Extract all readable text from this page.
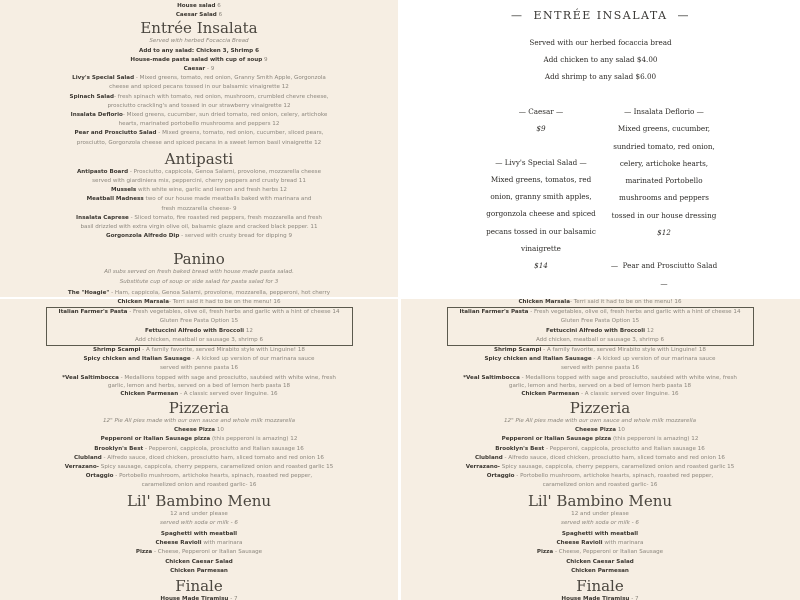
House salad 6
Caesar Salad 6
Entrée Insalata
Served with herbed Focaccia Bread
Add to any salad: Chicken 3, Shrimp 6
House-made pasta salad with cup of soup 9
Caesar - 9
Livy's Special Salad - Mixed greens, tomato, red onion, Granny Smith Apple, Gorgonzola
cheese and spiced pecans tossed in our balsamic vinaigrette 12
Spinach Salad- fresh spinach with tomato, red onion, mushroom, crumbled chevre cheese,
prosciutto crackling's and tossed in our strawberry vinaigrette 12
Insalata Deflorio- Mixed greens, cucumber, sun dried tomato, red onion, celery, artichoke
hearts, marinated portobello mushrooms and peppers 12
Pear and Prosciutto Salad - Mixed greens, tomato, red onion, cucumber, sliced pears,
prosciutto, Gorgonzola cheese and spiced pecans in a sweet lemon basil vinaigrette 12
Antipasti
Antipasto Board - Prosciutto, cappicola, Genoa Salami, provolone, mozzarella cheese
served with giardiniera mix, peppercini, cherry peppers and crusty bread 11
Mussels with white wine, garlic and lemon and fresh herbs 12
Meatball Madness two of our house made meatballs baked with marinara and
fresh mozzarella cheese- 9
Insalata Caprese - Sliced tomato, fire roasted red peppers, fresh mozzarella and fresh
basil drizzled with extra virgin olive oil, balsamic glaze and cracked black pepper. 11
Gorgonzola Alfredo Dip - served with crusty bread for dipping 9
Panino
All subs served on fresh baked bread with house made pasta salad.
Substitute cup of soup or side salad for pasta salad for 3
The "Hoagie" - Ham, cappicola, Genoa Salami, provolone, mozzarella, pepperoni, hot cherry
Chicken Marsala- Terri said it had to be on the menu! 16
Italian Farmer's Pasta - Fresh vegetables, olive oil, fresh herbs and garlic with a hint of cheese 14
Gluten Free Pasta Option 15
Fettuccini Alfredo with Broccoli 12
Add chicken, meatball or sausage 3, shrimp 6
Shrimp Scampi - A family favorite, served Mirabito style with Linguine! 18
Spicy chicken and Italian Sausage - A kicked up version of our marinara sauce
served with penne pasta 16
*Veal Saltimbocca - Medallions topped with sage and prosciutto, sautéed with white wine, fresh
garlic, lemon and herbs, served on a bed of lemon herb pasta 18
Chicken Parmesan - A classic served over linguine. 16
Pizzeria
12" Pie All pies made with our own sauce and whole milk mozzarella
Cheese Pizza 10
Pepperoni or Italian Sausage pizza (this pepperoni is amazing) 12
Brooklyn's Best - Pepperoni, cappicola, prosciutto and Italian sausage 16
Clubland - Alfredo sauce, diced chicken, prosciutto ham, sliced tomato and red onion 16
Verrazano- Spicy sausage, cappicola, cherry peppers, caramelized onion and roasted garlic 15
Ortaggio - Portobello mushroom, artichoke hearts, spinach, roasted red pepper,
caramelized onion and roasted garlic- 16
Lil' Bambino Menu
12 and under please
served with soda or milk - 6
Spaghetti with meatball
Cheese Ravioli with marinara
Pizza - Cheese, Pepperoni or Italian Sausage
Chicken Caesar Salad
Chicken Parmesan
Finale
House Made Tiramisu - 7
— ENTRÉE INSALATA —
Served with our herbed focaccia bread
Add chicken to any salad $4.00
Add shrimp to any salad $6.00
— Caesar —
$9
— Livy's Special Salad —
Mixed greens, tomatos, red
onion, granny smith apples,
gorgonzola cheese and spiced
pecans tossed in our balsamic
vinaigrette
$14
— Insalata Deflorio —
Mixed greens, cucumber,
sundried tomato, red onion,
celery, artichoke hearts,
marinated Portobello
mushrooms and peppers
tossed in our house dressing
$12
— Pear and Prosciutto Salad
—
Chicken Marsala- Terri said it had to be on the menu! 16
Italian Farmer's Pasta - Fresh vegetables, olive oil, fresh herbs and garlic with a hint of cheese 14
Gluten Free Pasta Option 15
Fettuccini Alfredo with Broccoli 12
Add chicken, meatball or sausage 3, shrimp 6
Shrimp Scampi - A family favorite, served Mirabito style with Linguine! 18
Spicy chicken and Italian Sausage - A kicked up version of our marinara sauce
served with penne pasta 16
*Veal Saltimbocca - Medallions topped with sage and prosciutto, sautéed with white wine, fresh
garlic, lemon and herbs, served on a bed of lemon herb pasta 18
Chicken Parmesan - A classic served over linguine. 16
Pizzeria
12" Pie All pies made with our own sauce and whole milk mozzarella
Cheese Pizza 10
Pepperoni or Italian Sausage pizza (this pepperoni is amazing) 12
Brooklyn's Best - Pepperoni, cappicola, prosciutto and Italian sausage 16
Clubland - Alfredo sauce, diced chicken, prosciutto ham, sliced tomato and red onion 16
Verrazano- Spicy sausage, cappicola, cherry peppers, caramelized onion and roasted garlic 15
Ortaggio - Portobello mushroom, artichoke hearts, spinach, roasted red pepper,
caramelized onion and roasted garlic- 16
Lil' Bambino Menu
12 and under please
served with soda or milk - 6
Spaghetti with meatball
Cheese Ravioli with marinara
Pizza - Cheese, Pepperoni or Italian Sausage
Chicken Caesar Salad
Chicken Parmesan
Finale
House Made Tiramisu - 7
